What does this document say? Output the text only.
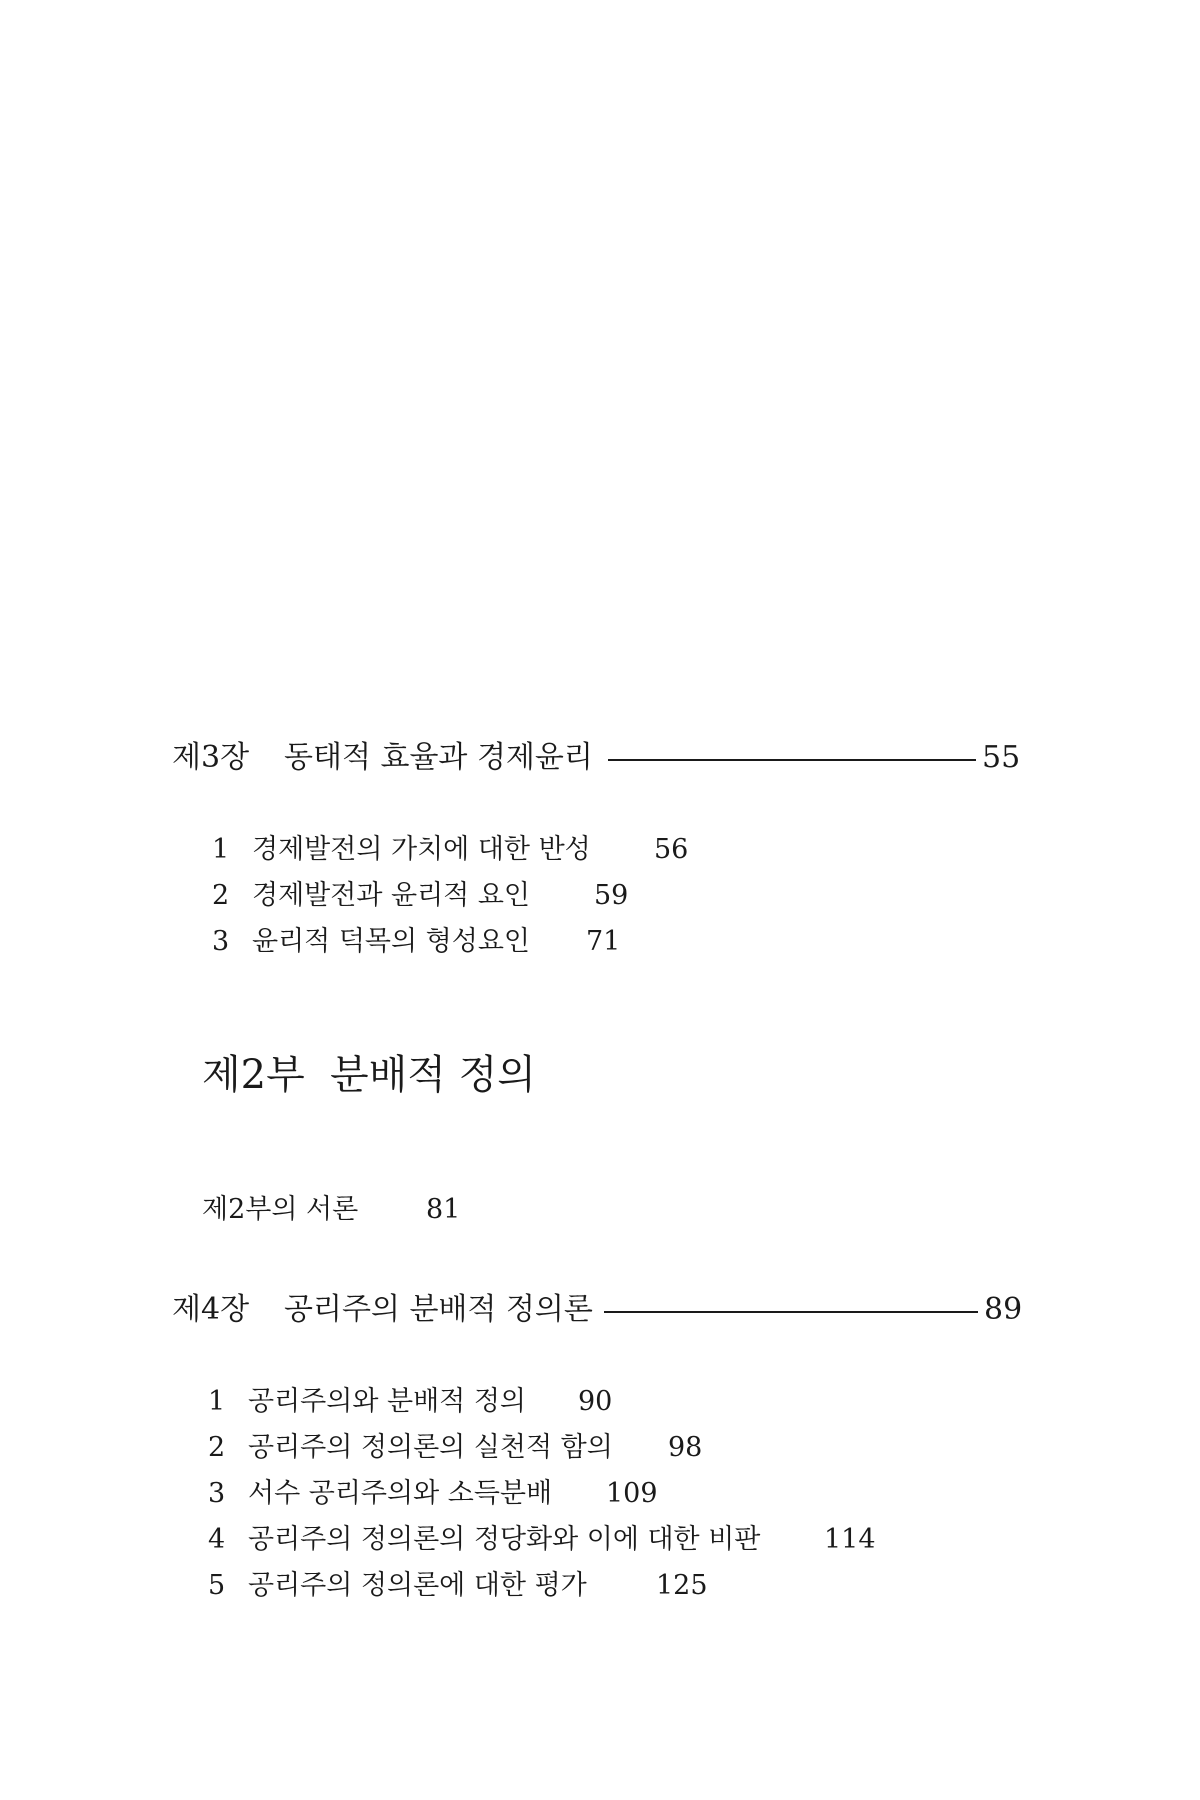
제3장 동태적 효율과 경제윤리	55
1 경제발전의 가치에 대한 반성 56
2 경제발전과 윤리적 요인 59
3 윤리적 덕목의 형성요인 71
제2부 분배적 정의
제2부의 서론	81
제4장 공리주의 분배적 정의론	89
1 공리주의와 분배적 정의 90
2 공리주의 정의론의 실천적 함의 98
3 서수 공리주의와 소득분배 109
4 공리주의 정의론의 정당화와 이에 대한 비판 114
5 공리주의 정의론에 대한 평가	125
